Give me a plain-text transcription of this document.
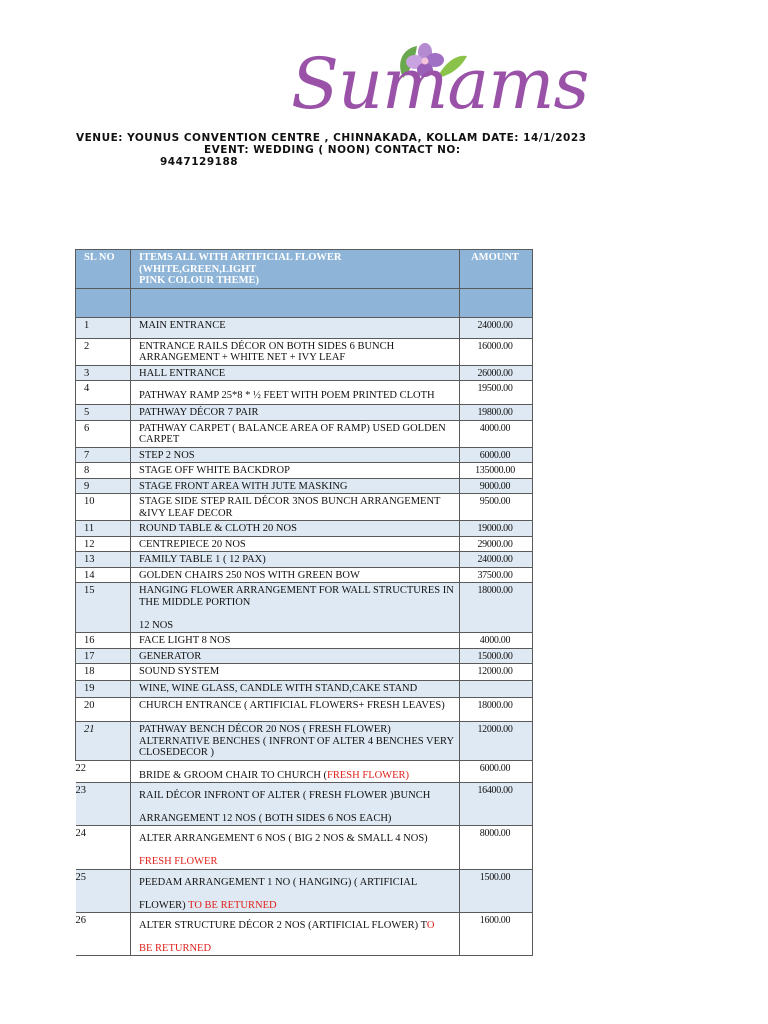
Sumams
VENUE: YOUNUS CONVENTION CENTRE , CHINNAKADA, KOLLAM DATE: 14/1/2023
EVENT: WEDDING ( NOON) CONTACT NO:
9447129188
SL NO	ITEMS ALL WITH ARTIFICIAL FLOWER (WHITE,GREEN,LIGHT
PINK COLOUR THEME)	AMOUNT

1	MAIN ENTRANCE	24000.00
2	ENTRANCE RAILS DÉCOR ON BOTH SIDES 6 BUNCH ARRANGEMENT + WHITE NET + IVY LEAF	16000.00
3	HALL ENTRANCE	26000.00
4	PATHWAY RAMP 25*8 * ½ FEET WITH POEM PRINTED CLOTH	19500.00
5	PATHWAY DÉCOR 7 PAIR	19800.00
6	PATHWAY CARPET ( BALANCE AREA OF RAMP) USED GOLDEN CARPET	4000.00
7	STEP 2 NOS	6000.00
8	STAGE OFF WHITE BACKDROP	135000.00
9	STAGE FRONT AREA WITH JUTE MASKING	9000.00
10	STAGE SIDE STEP RAIL DÉCOR 3NOS BUNCH ARRANGEMENT &IVY LEAF DECOR	9500.00
11	ROUND TABLE & CLOTH 20 NOS	19000.00
12	CENTREPIECE 20 NOS	29000.00
13	FAMILY TABLE 1 ( 12 PAX)	24000.00
14	GOLDEN CHAIRS 250 NOS WITH GREEN BOW	37500.00
15	HANGING FLOWER ARRANGEMENT FOR WALL STRUCTURES IN THE MIDDLE PORTION

12 NOS	18000.00
16	FACE LIGHT 8 NOS	4000.00
17	GENERATOR	15000.00
18	SOUND SYSTEM	12000.00
19	WINE, WINE GLASS, CANDLE WITH STAND,CAKE STAND	
20	CHURCH ENTRANCE ( ARTIFICIAL FLOWERS+ FRESH LEAVES)	18000.00
21	PATHWAY BENCH DÉCOR 20 NOS ( FRESH FLOWER) ALTERNATIVE BENCHES ( INFRONT OF ALTER 4 BENCHES VERY CLOSEDECOR )	12000.00
22	BRIDE & GROOM CHAIR TO CHURCH (FRESH FLOWER)	6000.00
23	RAIL DÉCOR INFRONT OF ALTER ( FRESH FLOWER )BUNCH
ARRANGEMENT 12 NOS ( BOTH SIDES 6 NOS EACH)	16400.00
24	ALTER ARRANGEMENT 6 NOS ( BIG 2 NOS & SMALL 4 NOS)
FRESH FLOWER	8000.00
25	PEEDAM ARRANGEMENT 1 NO ( HANGING) ( ARTIFICIAL
FLOWER) TO BE RETURNED	1500.00
26	ALTER STRUCTURE DÉCOR 2 NOS (ARTIFICIAL FLOWER) TO
BE RETURNED	1600.00
